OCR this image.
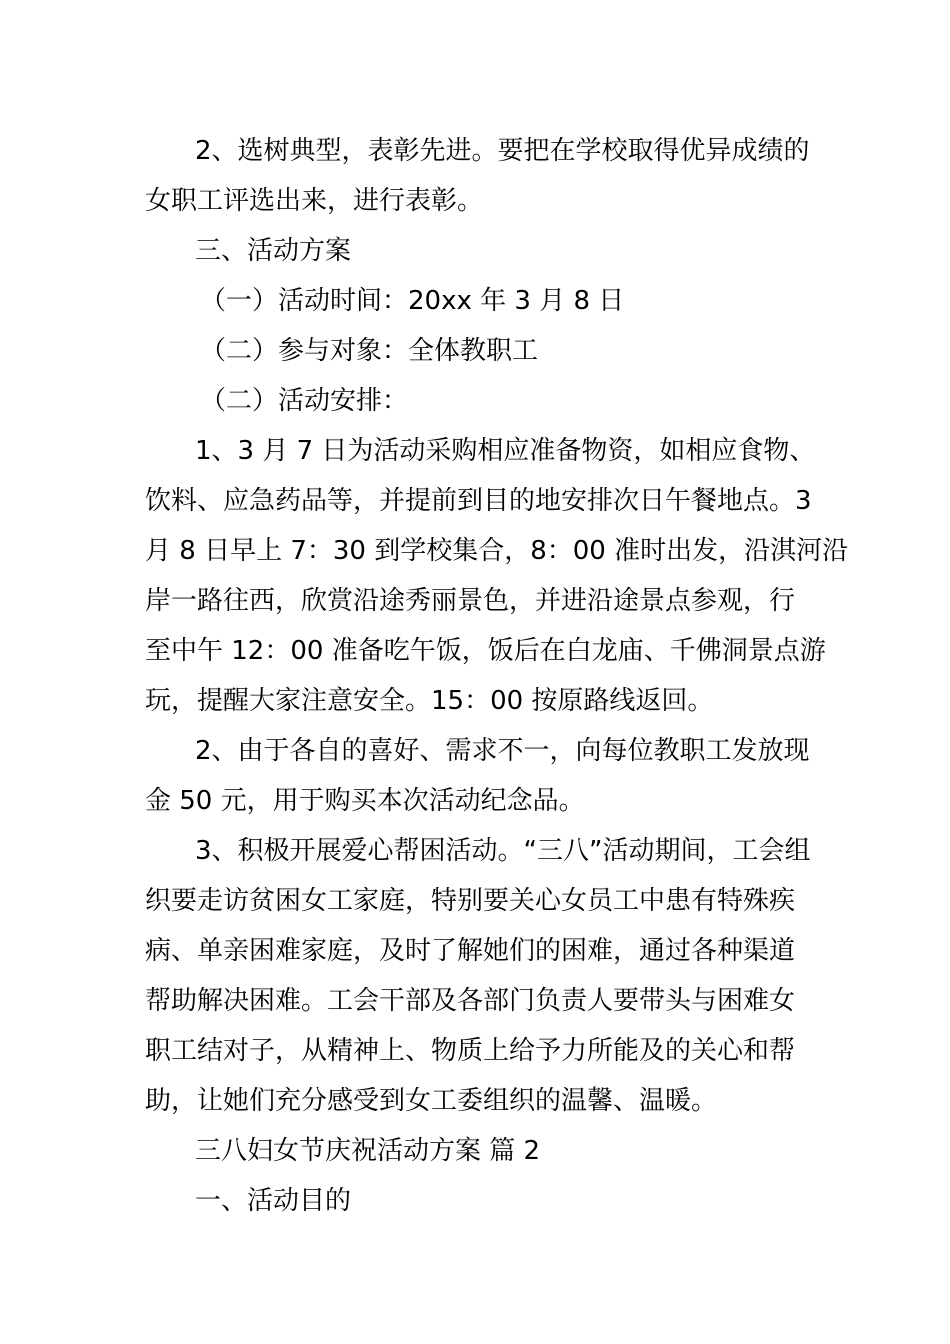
2、选树典型，表彰先进。要把在学校取得优异成绩的
女职工评选出来，进行表彰。
三、活动方案
（一）活动时间：20xx 年 3 月 8 日
（二）参与对象：全体教职工
（二）活动安排：
1、3 月 7 日为活动采购相应准备物资，如相应食物、
饮料、应急药品等，并提前到目的地安排次日午餐地点。3
月 8 日早上 7：30 到学校集合，8：00 准时出发，沿淇河沿
岸一路往西，欣赏沿途秀丽景色，并进沿途景点参观，行
至中午 12：00 准备吃午饭，饭后在白龙庙、千佛洞景点游
玩，提醒大家注意安全。15：00 按原路线返回。
2、由于各自的喜好、需求不一，向每位教职工发放现
金 50 元，用于购买本次活动纪念品。
3、积极开展爱心帮困活动。“三八”活动期间，工会组
织要走访贫困女工家庭，特别要关心女员工中患有特殊疾
病、单亲困难家庭，及时了解她们的困难，通过各种渠道
帮助解决困难。工会干部及各部门负责人要带头与困难女
职工结对子，从精神上、物质上给予力所能及的关心和帮
助，让她们充分感受到女工委组织的温馨、温暖。
三八妇女节庆祝活动方案 篇 2
一、活动目的
